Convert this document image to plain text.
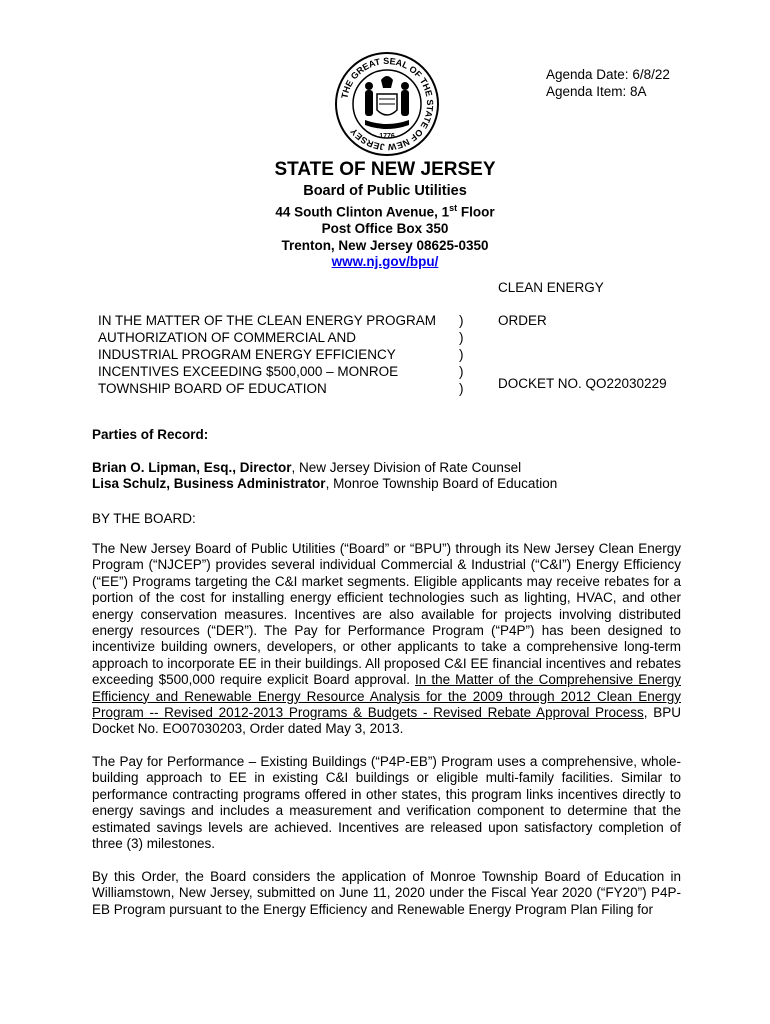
THE GREAT SEAL OF THE STATE OF NEW JERSEY	1776
Agenda Date: 6/8/22
Agenda Item: 8A
STATE OF NEW JERSEY
Board of Public Utilities
44 South Clinton Avenue, 1st Floor
Post Office Box 350
Trenton, New Jersey 08625-0350
www.nj.gov/bpu/
CLEAN ENERGY
ORDER
DOCKET NO. QO22030229
IN THE MATTER OF THE CLEAN ENERGY PROGRAM
AUTHORIZATION OF COMMERCIAL AND
INDUSTRIAL PROGRAM ENERGY EFFICIENCY
INCENTIVES EXCEEDING $500,000 – MONROE
TOWNSHIP BOARD OF EDUCATION
)
)
)
)
)
Parties of Record:
Brian O. Lipman, Esq., Director, New Jersey Division of Rate Counsel
Lisa Schulz, Business Administrator, Monroe Township Board of Education
BY THE BOARD:
The New Jersey Board of Public Utilities (“Board” or “BPU”) through its New Jersey Clean Energy Program (“NJCEP”) provides several individual Commercial & Industrial (“C&I”) Energy Efficiency (“EE”) Programs targeting the C&I market segments. Eligible applicants may receive rebates for a portion of the cost for installing energy efficient technologies such as lighting, HVAC, and other energy conservation measures. Incentives are also available for projects involving distributed energy resources (“DER”). The Pay for Performance Program (“P4P”) has been designed to incentivize building owners, developers, or other applicants to take a comprehensive long-term approach to incorporate EE in their buildings. All proposed C&I EE financial incentives and rebates exceeding $500,000 require explicit Board approval. In the Matter of the Comprehensive Energy Efficiency and Renewable Energy Resource Analysis for the 2009 through 2012 Clean Energy Program -- Revised 2012-2013 Programs & Budgets - Revised Rebate Approval Process, BPU Docket No. EO07030203, Order dated May 3, 2013.
The Pay for Performance – Existing Buildings (“P4P-EB”) Program uses a comprehensive, whole-building approach to EE in existing C&I buildings or eligible multi-family facilities. Similar to performance contracting programs offered in other states, this program links incentives directly to energy savings and includes a measurement and verification component to determine that the estimated savings levels are achieved. Incentives are released upon satisfactory completion of three (3) milestones.
By this Order, the Board considers the application of Monroe Township Board of Education in Williamstown, New Jersey, submitted on June 11, 2020 under the Fiscal Year 2020 (“FY20”) P4P-EB Program pursuant to the Energy Efficiency and Renewable Energy Program Plan Filing for
